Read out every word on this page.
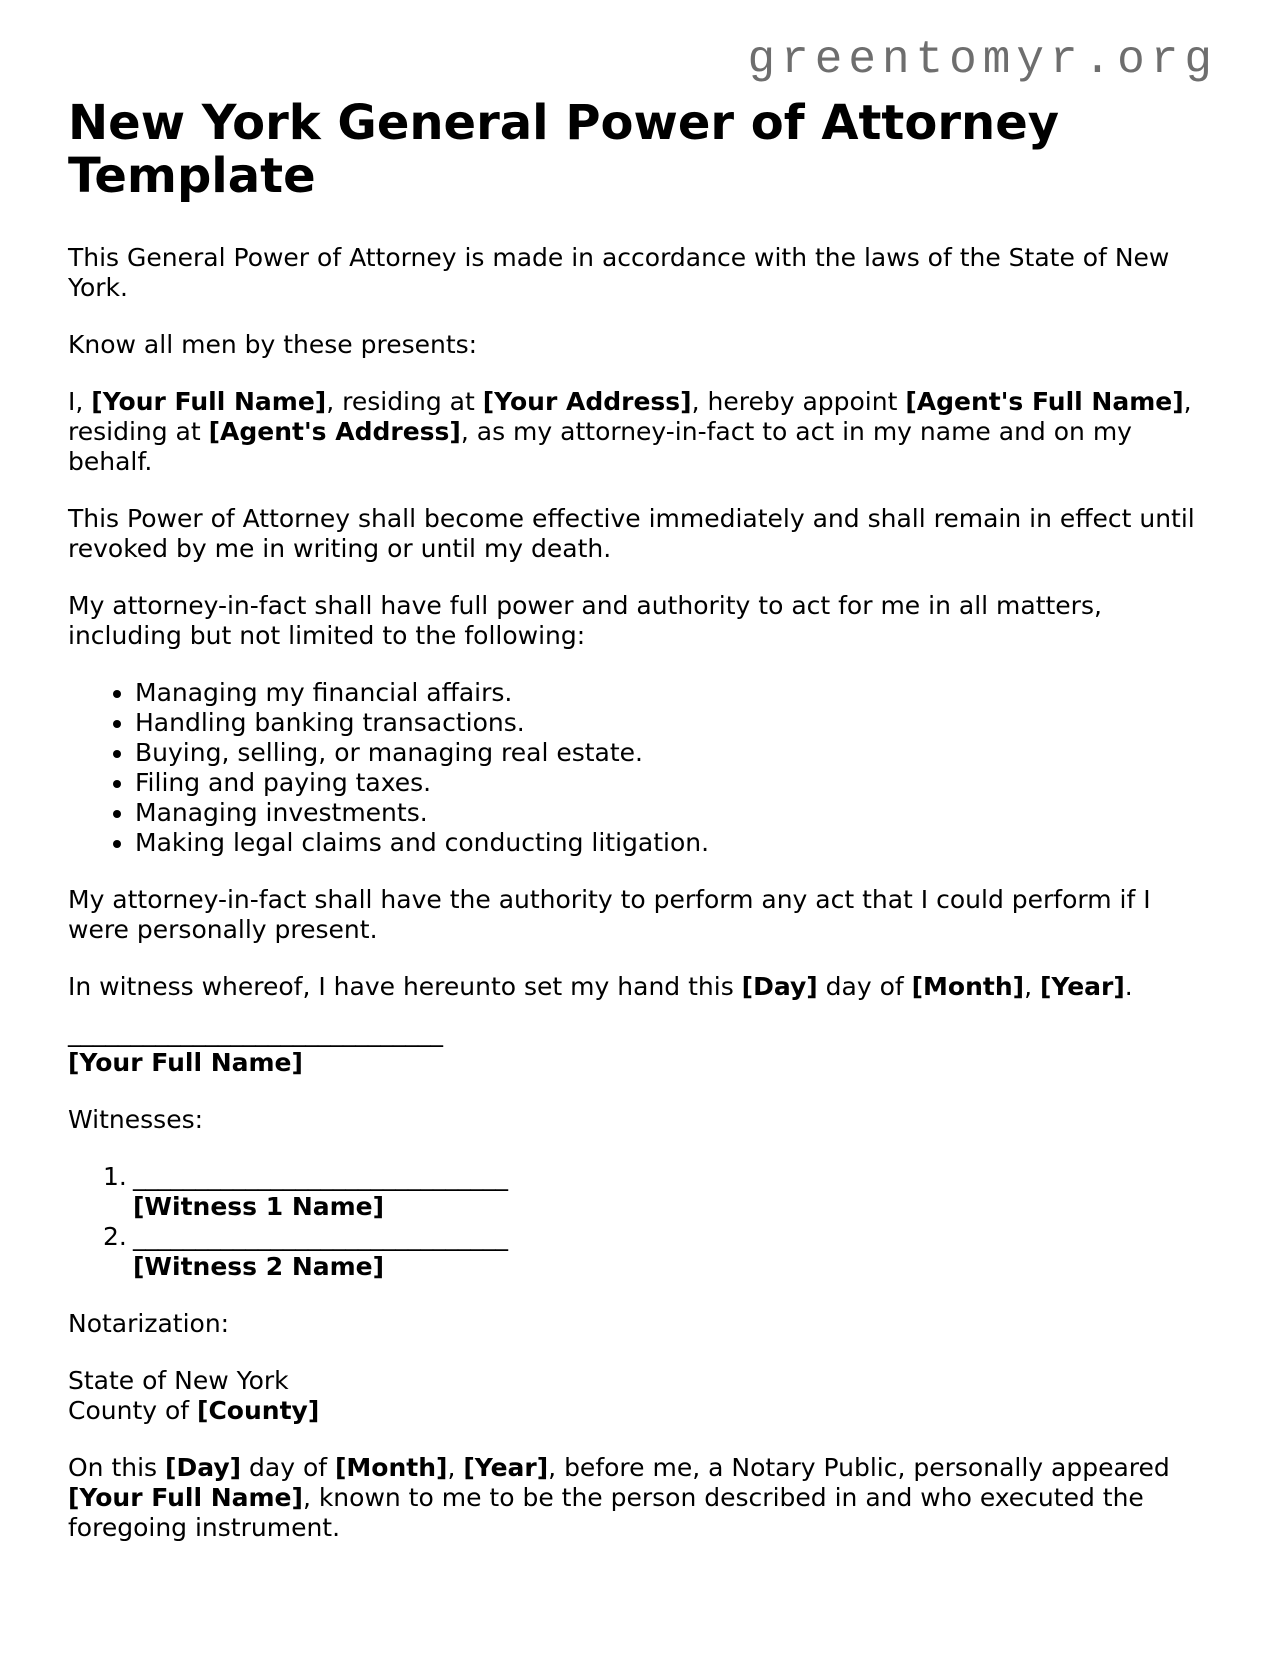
greentomyr.org
New York General Power of Attorney Template

This General Power of Attorney is made in accordance with the laws of the State of New York.

Know all men by these presents:

I, [Your Full Name], residing at [Your Address], hereby appoint [Agent's Full Name], residing at [Agent's Address], as my attorney-in-fact to act in my name and on my behalf.

This Power of Attorney shall become effective immediately and shall remain in effect until revoked by me in writing or until my death.

My attorney-in-fact shall have full power and authority to act for me in all matters, including but not limited to the following:

• Managing my financial affairs.
• Handling banking transactions.
• Buying, selling, or managing real estate.
• Filing and paying taxes.
• Managing investments.
• Making legal claims and conducting litigation.

My attorney-in-fact shall have the authority to perform any act that I could perform if I were personally present.

In witness whereof, I have hereunto set my hand this [Day] day of [Month], [Year].

______________________________
[Your Full Name]

Witnesses:

1. ______________________________
[Witness 1 Name]
2. ______________________________
[Witness 2 Name]

Notarization:

State of New York
County of [County]

On this [Day] day of [Month], [Year], before me, a Notary Public, personally appeared [Your Full Name], known to me to be the person described in and who executed the foregoing instrument.
